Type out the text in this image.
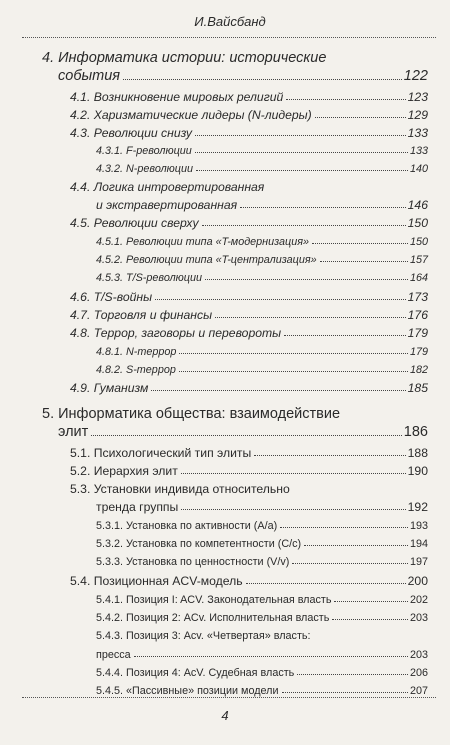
И.Вайсбанд
4. Информатика истории: исторические
события	122
4.1. Возникновение мировых религий	123
4.2. Харизматические лидеры (N-лидеры)	129
4.3. Революции снизу	133
4.3.1. F-революции	133
4.3.2. N-революции	140
4.4. Логика интровертированная
и экстравертированная	146
4.5. Революции сверху	150
4.5.1. Революции типа «T-модернизация»	150
4.5.2. Революции типа «T-централизация»	157
4.5.3. T/S-революции	164
4.6. T/S-войны	173
4.7. Торговля и финансы	176
4.8. Террор, заговоры и перевороты	179
4.8.1. N-террор	179
4.8.2. S-террор	182
4.9. Гуманизм	185
5. Информатика общества: взаимодействие
элит	186
5.1. Психологический тип элиты	188
5.2. Иерархия элит	190
5.3. Установки индивида относительно
тренда группы	192
5.3.1. Установка по активности (A/a)	193
5.3.2. Установка по компетентности (C/c)	194
5.3.3. Установка по ценностности (V/v)	197
5.4. Позиционная ACV-модель	200
5.4.1. Позиция I: ACV. Законодательная власть	202
5.4.2. Позиция 2: ACv. Исполнительная власть	203
5.4.3. Позиция 3: Acv. «Четвертая» власть:
пресса	203
5.4.4. Позиция 4: AcV. Судебная власть	206
5.4.5. «Пассивные» позиции модели	207
4
